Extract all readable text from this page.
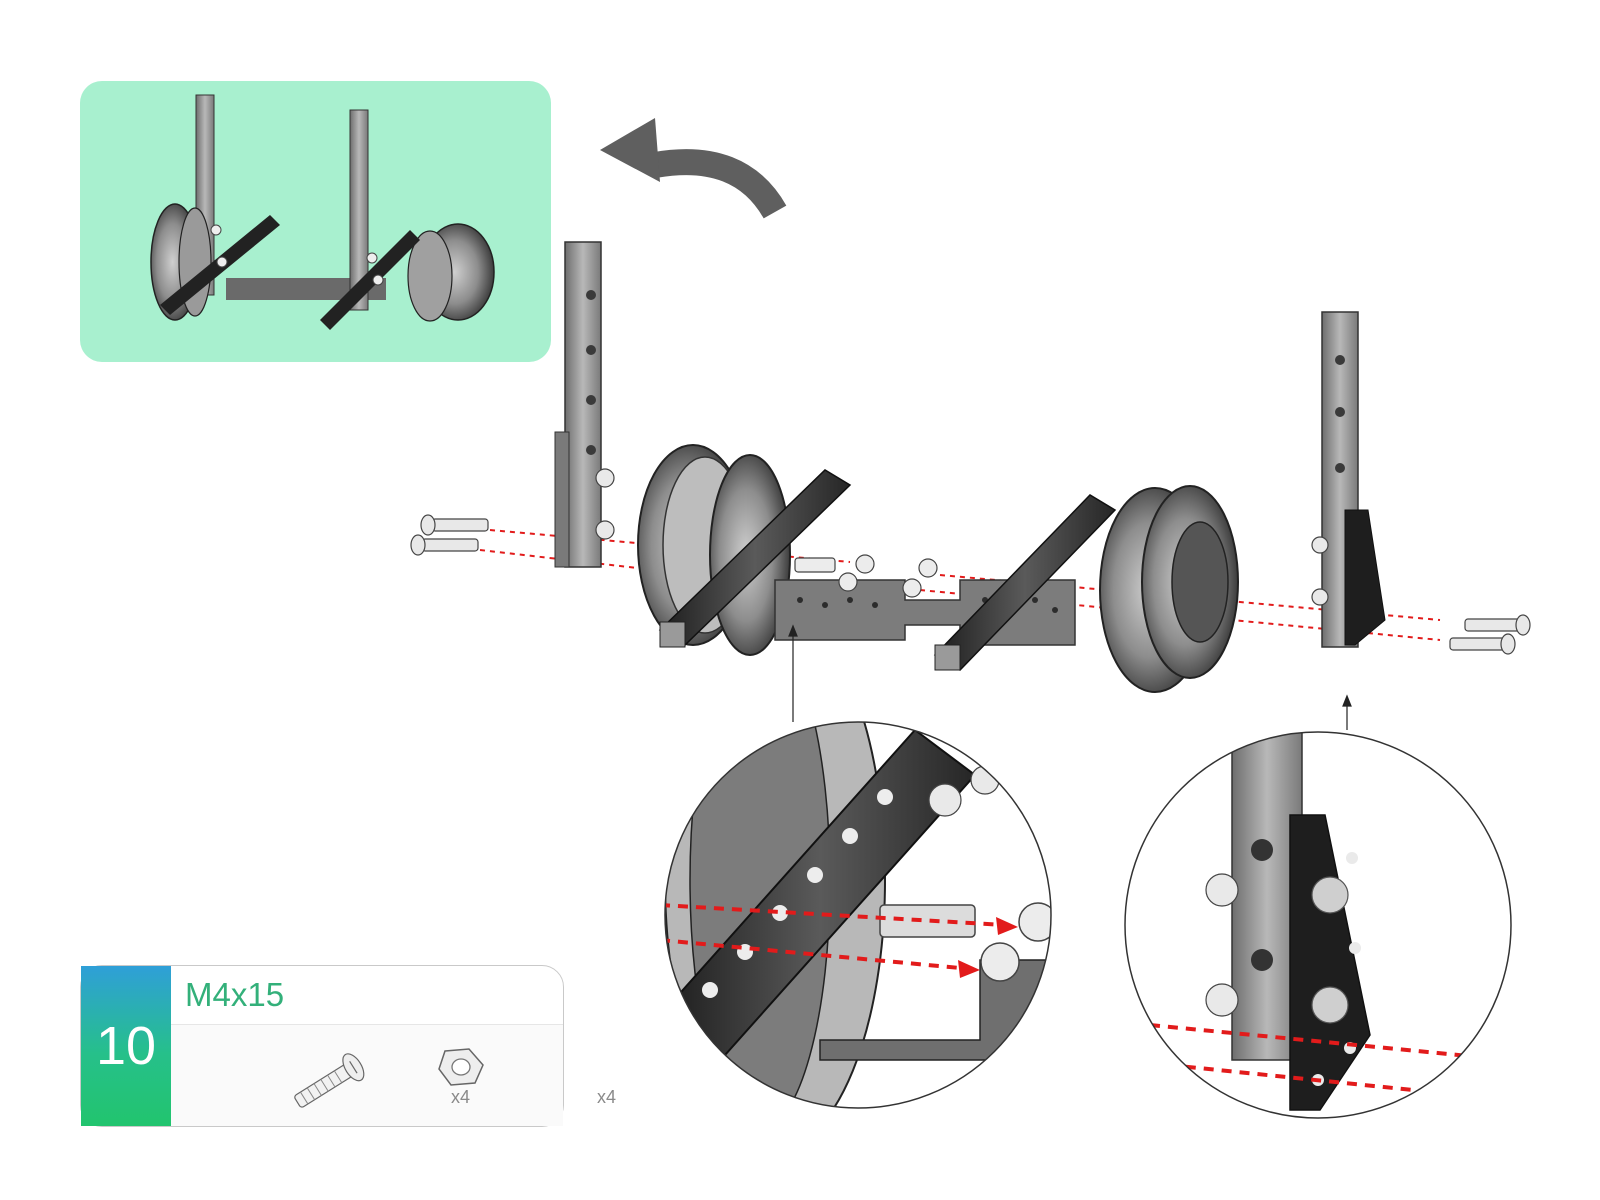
10
M4x15
x4	x4
